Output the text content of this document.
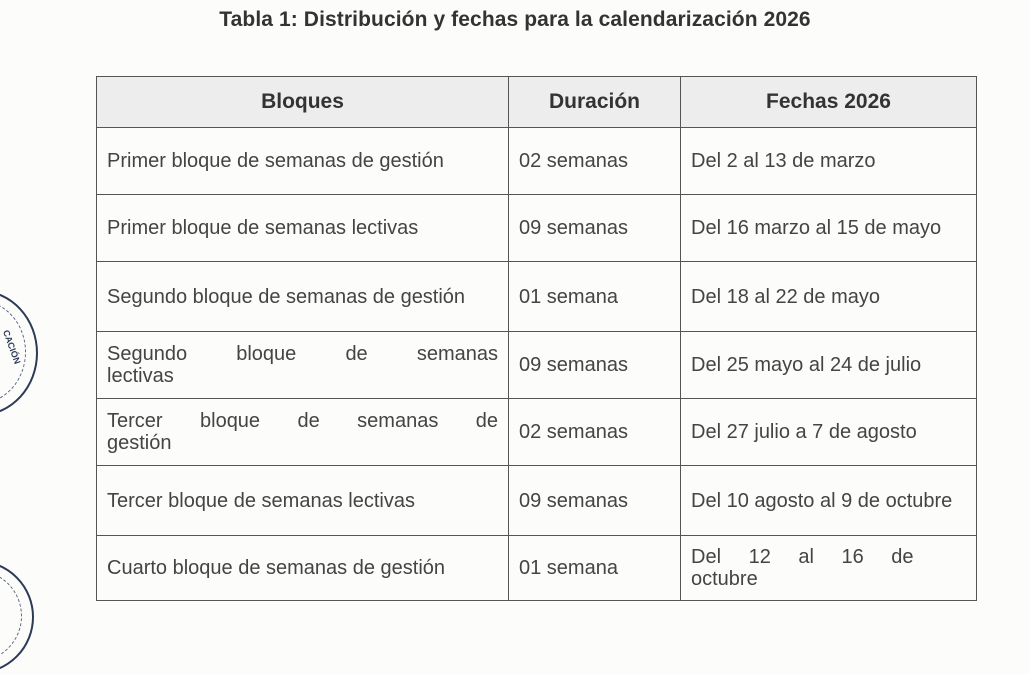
Tabla 1: Distribución y fechas para la calendarización 2026
Bloques	Duración	Fechas 2026
Primer bloque de semanas de gestión	02 semanas	Del 2 al 13 de marzo
Primer bloque de semanas lectivas	09 semanas	Del 16 marzo al 15 de mayo
Segundo bloque de semanas de gestión	01 semana	Del 18 al 22 de mayo
Segundo bloque de semanas lectivas	09 semanas	Del 25 mayo al 24 de julio
Tercer bloque de semanas de gestión	02 semanas	Del 27 julio a 7 de agosto
Tercer bloque de semanas lectivas	09 semanas	Del 10 agosto al 9 de octubre
Cuarto bloque de semanas de gestión	01 semana	Del 12 al 16 de octubre
CACIÓN
